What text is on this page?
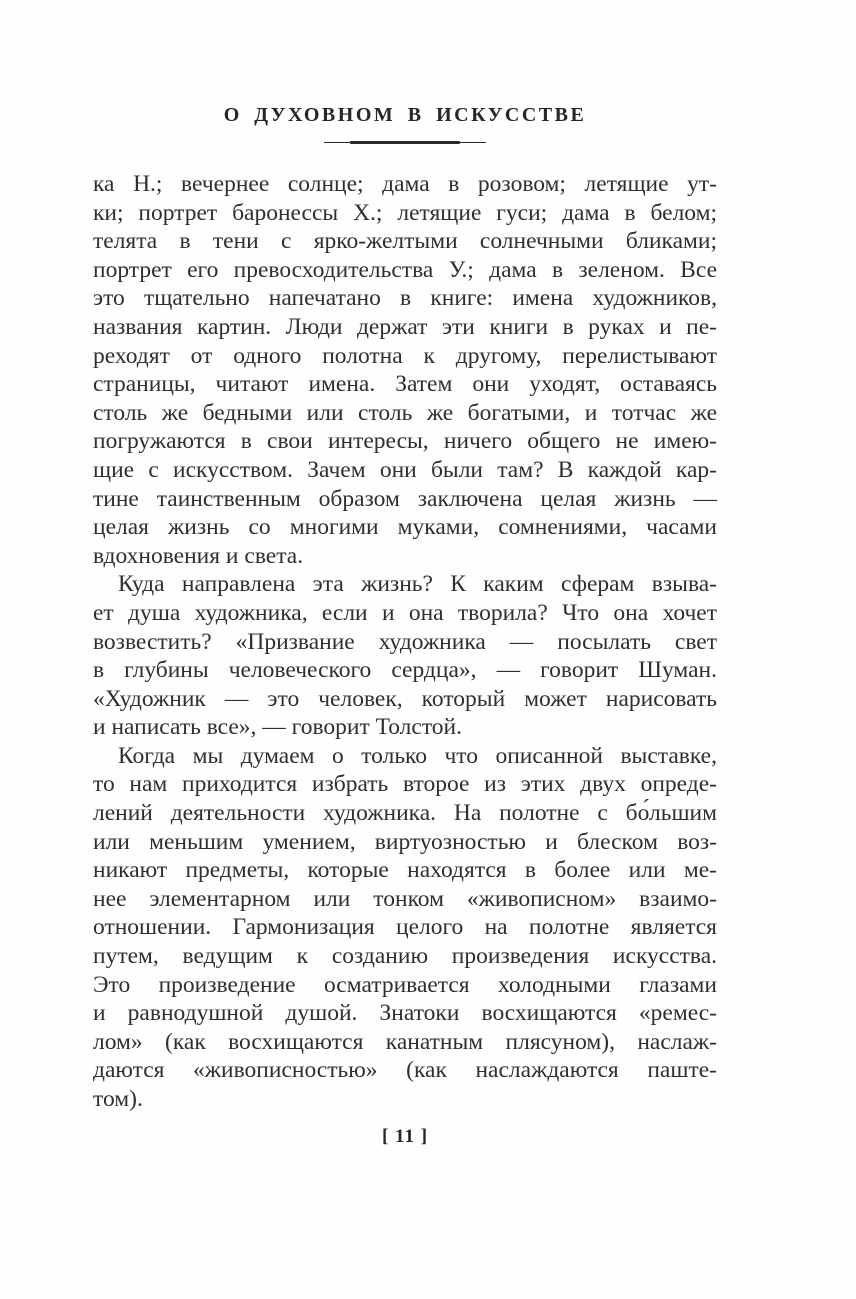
О ДУХОВНОМ В ИСКУССТВЕ
ка Н.; вечернее солнце; дама в розовом; летящие ут-
ки; портрет баронессы Х.; летящие гуси; дама в белом;
телята в тени с ярко-желтыми солнечными бликами;
портрет его превосходительства У.; дама в зеленом. Все
это тщательно напечатано в книге: имена художников,
названия картин. Люди держат эти книги в руках и пе-
реходят от одного полотна к другому, перелистывают
страницы, читают имена. Затем они уходят, оставаясь
столь же бедными или столь же богатыми, и тотчас же
погружаются в свои интересы, ничего общего не имею-
щие с искусством. Зачем они были там? В каждой кар-
тине таинственным образом заключена целая жизнь —
целая жизнь со многими муками, сомнениями, часами
вдохновения и света.
Куда направлена эта жизнь? К каким сферам взыва-
ет душа художника, если и она творила? Что она хочет
возвестить? «Призвание художника — посылать свет
в глубины человеческого сердца», — говорит Шуман.
«Художник — это человек, который может нарисовать
и написать все», — говорит Толстой.
Когда мы думаем о только что описанной выставке,
то нам приходится избрать второе из этих двух опреде-
лений деятельности художника. На полотне с бо́льшим
или меньшим умением, виртуозностью и блеском воз-
никают предметы, которые находятся в более или ме-
нее элементарном или тонком «живописном» взаимо-
отношении. Гармонизация целого на полотне является
путем, ведущим к созданию произведения искусства.
Это произведение осматривается холодными глазами
и равнодушной душой. Знатоки восхищаются «ремес-
лом» (как восхищаются канатным плясуном), наслаж-
даются «живописностью» (как наслаждаются паште-
том).
[ 11 ]
